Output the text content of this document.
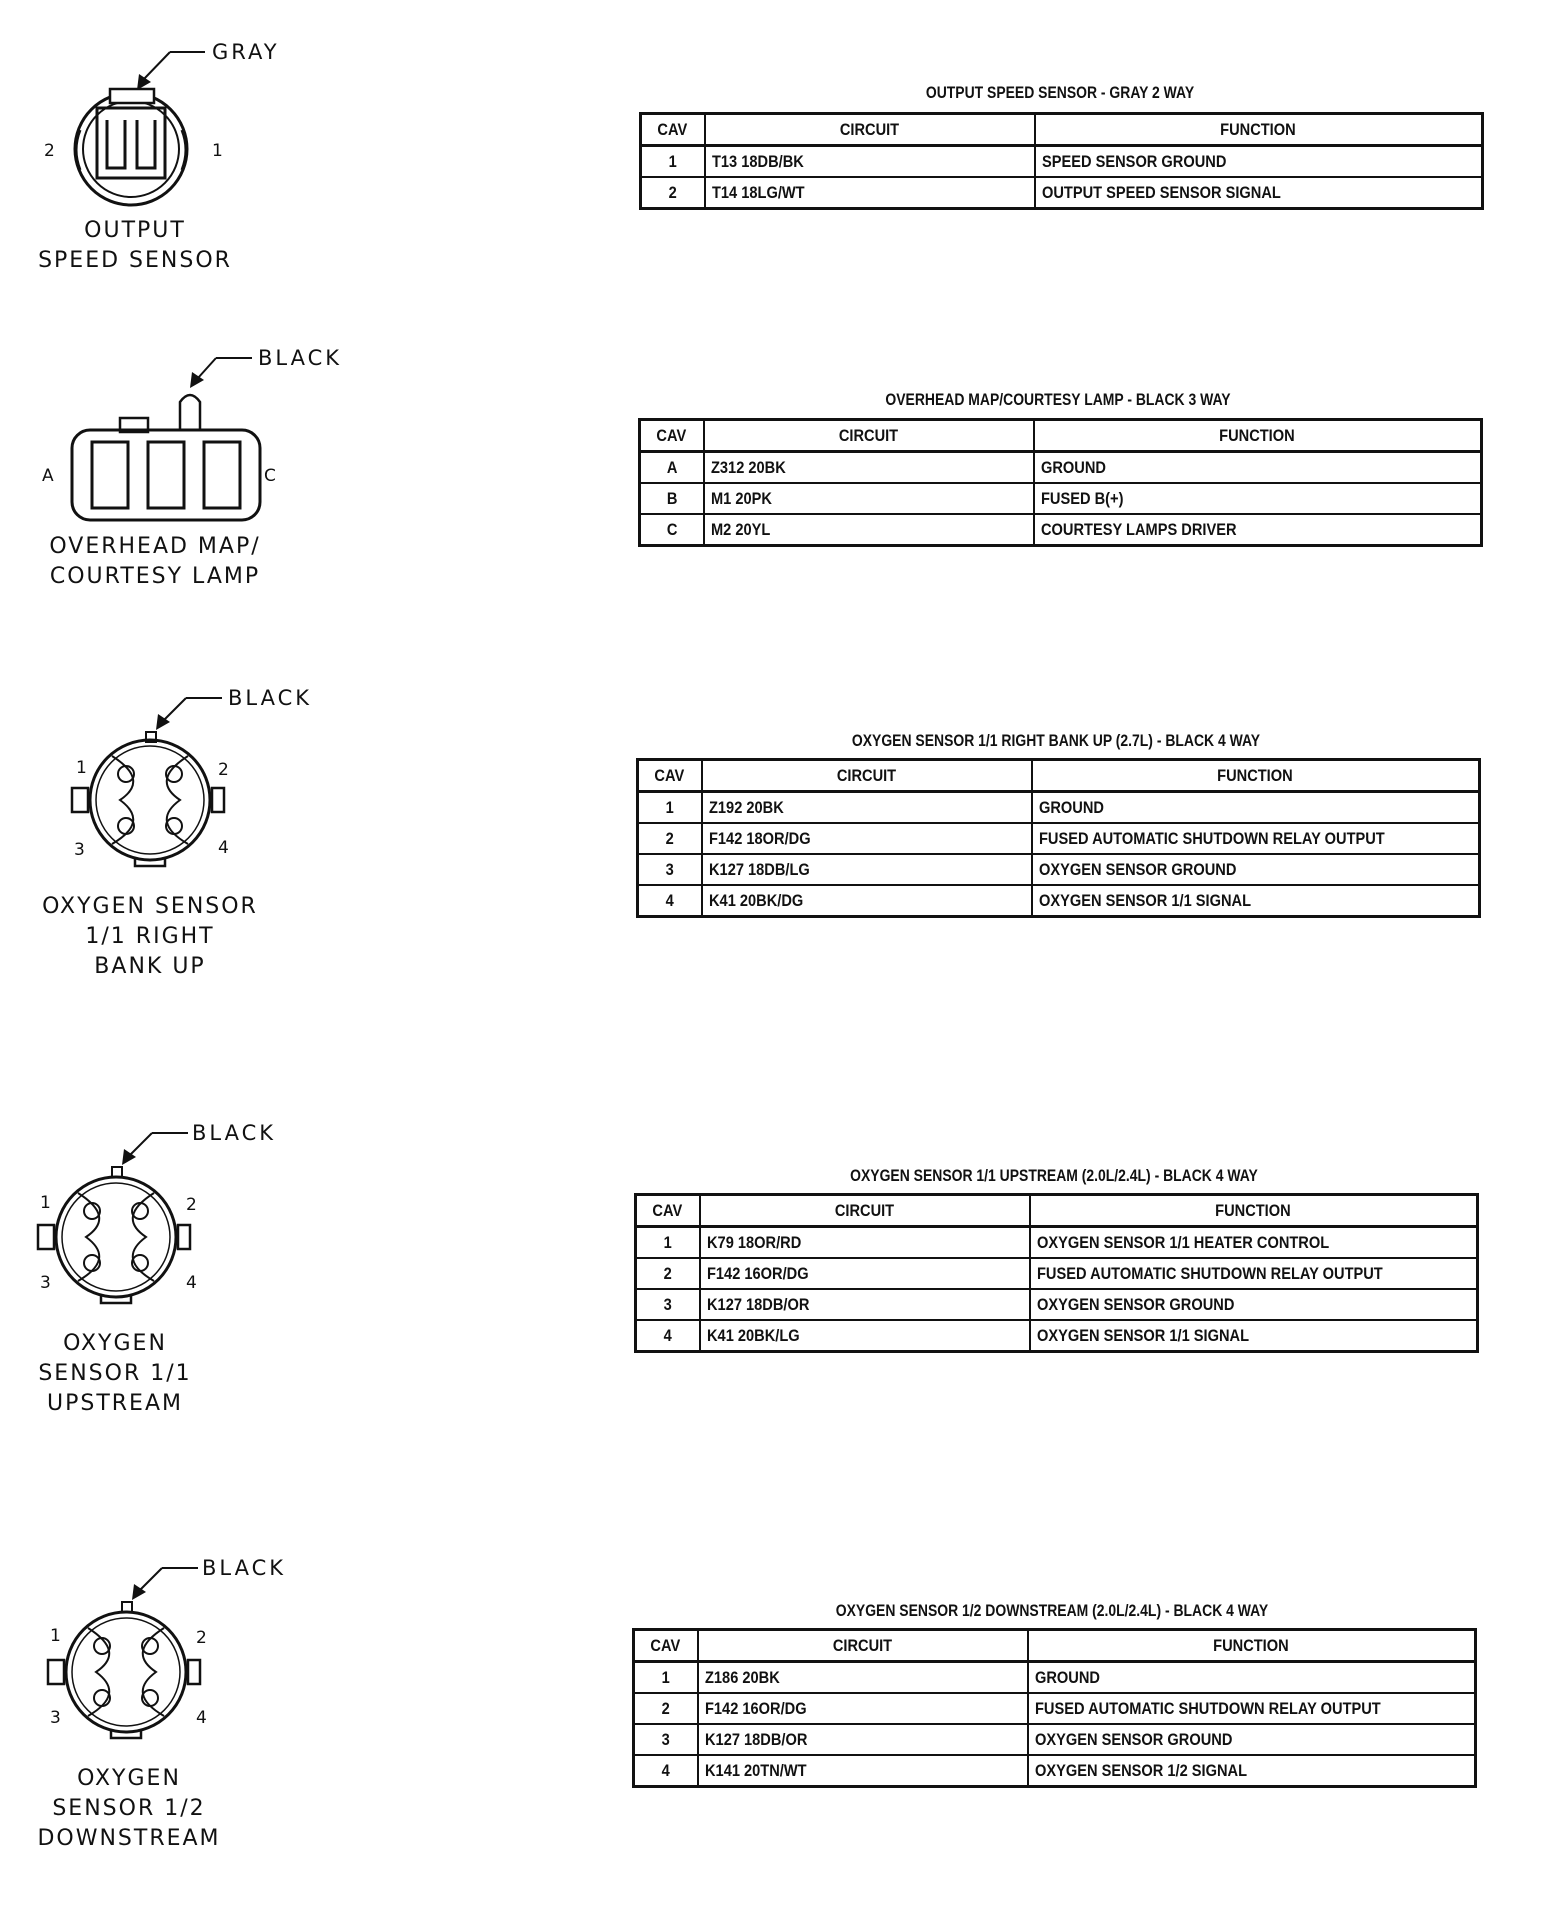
GRAY
2	1
OUTPUT
SPEED SENSOR
OUTPUT SPEED SENSOR - GRAY 2 WAY
CAV	CIRCUIT	FUNCTION
1	T13 18DB/BK	SPEED SENSOR GROUND
2	T14 18LG/WT	OUTPUT SPEED SENSOR SIGNAL
BLACK
A	C
OVERHEAD MAP/
COURTESY LAMP
OVERHEAD MAP/COURTESY LAMP - BLACK 3 WAY
CAV	CIRCUIT	FUNCTION
A	Z312 20BK	GROUND
B	M1 20PK	FUSED B(+)
C	M2 20YL	COURTESY LAMPS DRIVER
BLACK
1	2
3	4
OXYGEN SENSOR
1/1 RIGHT
BANK UP
OXYGEN SENSOR 1/1 RIGHT BANK UP (2.7L) - BLACK 4 WAY
CAV	CIRCUIT	FUNCTION
1	Z192 20BK	GROUND
2	F142 18OR/DG	FUSED AUTOMATIC SHUTDOWN RELAY OUTPUT
3	K127 18DB/LG	OXYGEN SENSOR GROUND
4	K41 20BK/DG	OXYGEN SENSOR 1/1 SIGNAL
BLACK
1	2
3	4
OXYGEN
SENSOR 1/1
UPSTREAM
OXYGEN SENSOR 1/1 UPSTREAM (2.0L/2.4L) - BLACK 4 WAY
CAV	CIRCUIT	FUNCTION
1	K79 18OR/RD	OXYGEN SENSOR 1/1 HEATER CONTROL
2	F142 16OR/DG	FUSED AUTOMATIC SHUTDOWN RELAY OUTPUT
3	K127 18DB/OR	OXYGEN SENSOR GROUND
4	K41 20BK/LG	OXYGEN SENSOR 1/1 SIGNAL
BLACK
1	2
3	4
OXYGEN
SENSOR 1/2
DOWNSTREAM
OXYGEN SENSOR 1/2 DOWNSTREAM (2.0L/2.4L) - BLACK 4 WAY
CAV	CIRCUIT	FUNCTION
1	Z186 20BK	GROUND
2	F142 16OR/DG	FUSED AUTOMATIC SHUTDOWN RELAY OUTPUT
3	K127 18DB/OR	OXYGEN SENSOR GROUND
4	K141 20TN/WT	OXYGEN SENSOR 1/2 SIGNAL
